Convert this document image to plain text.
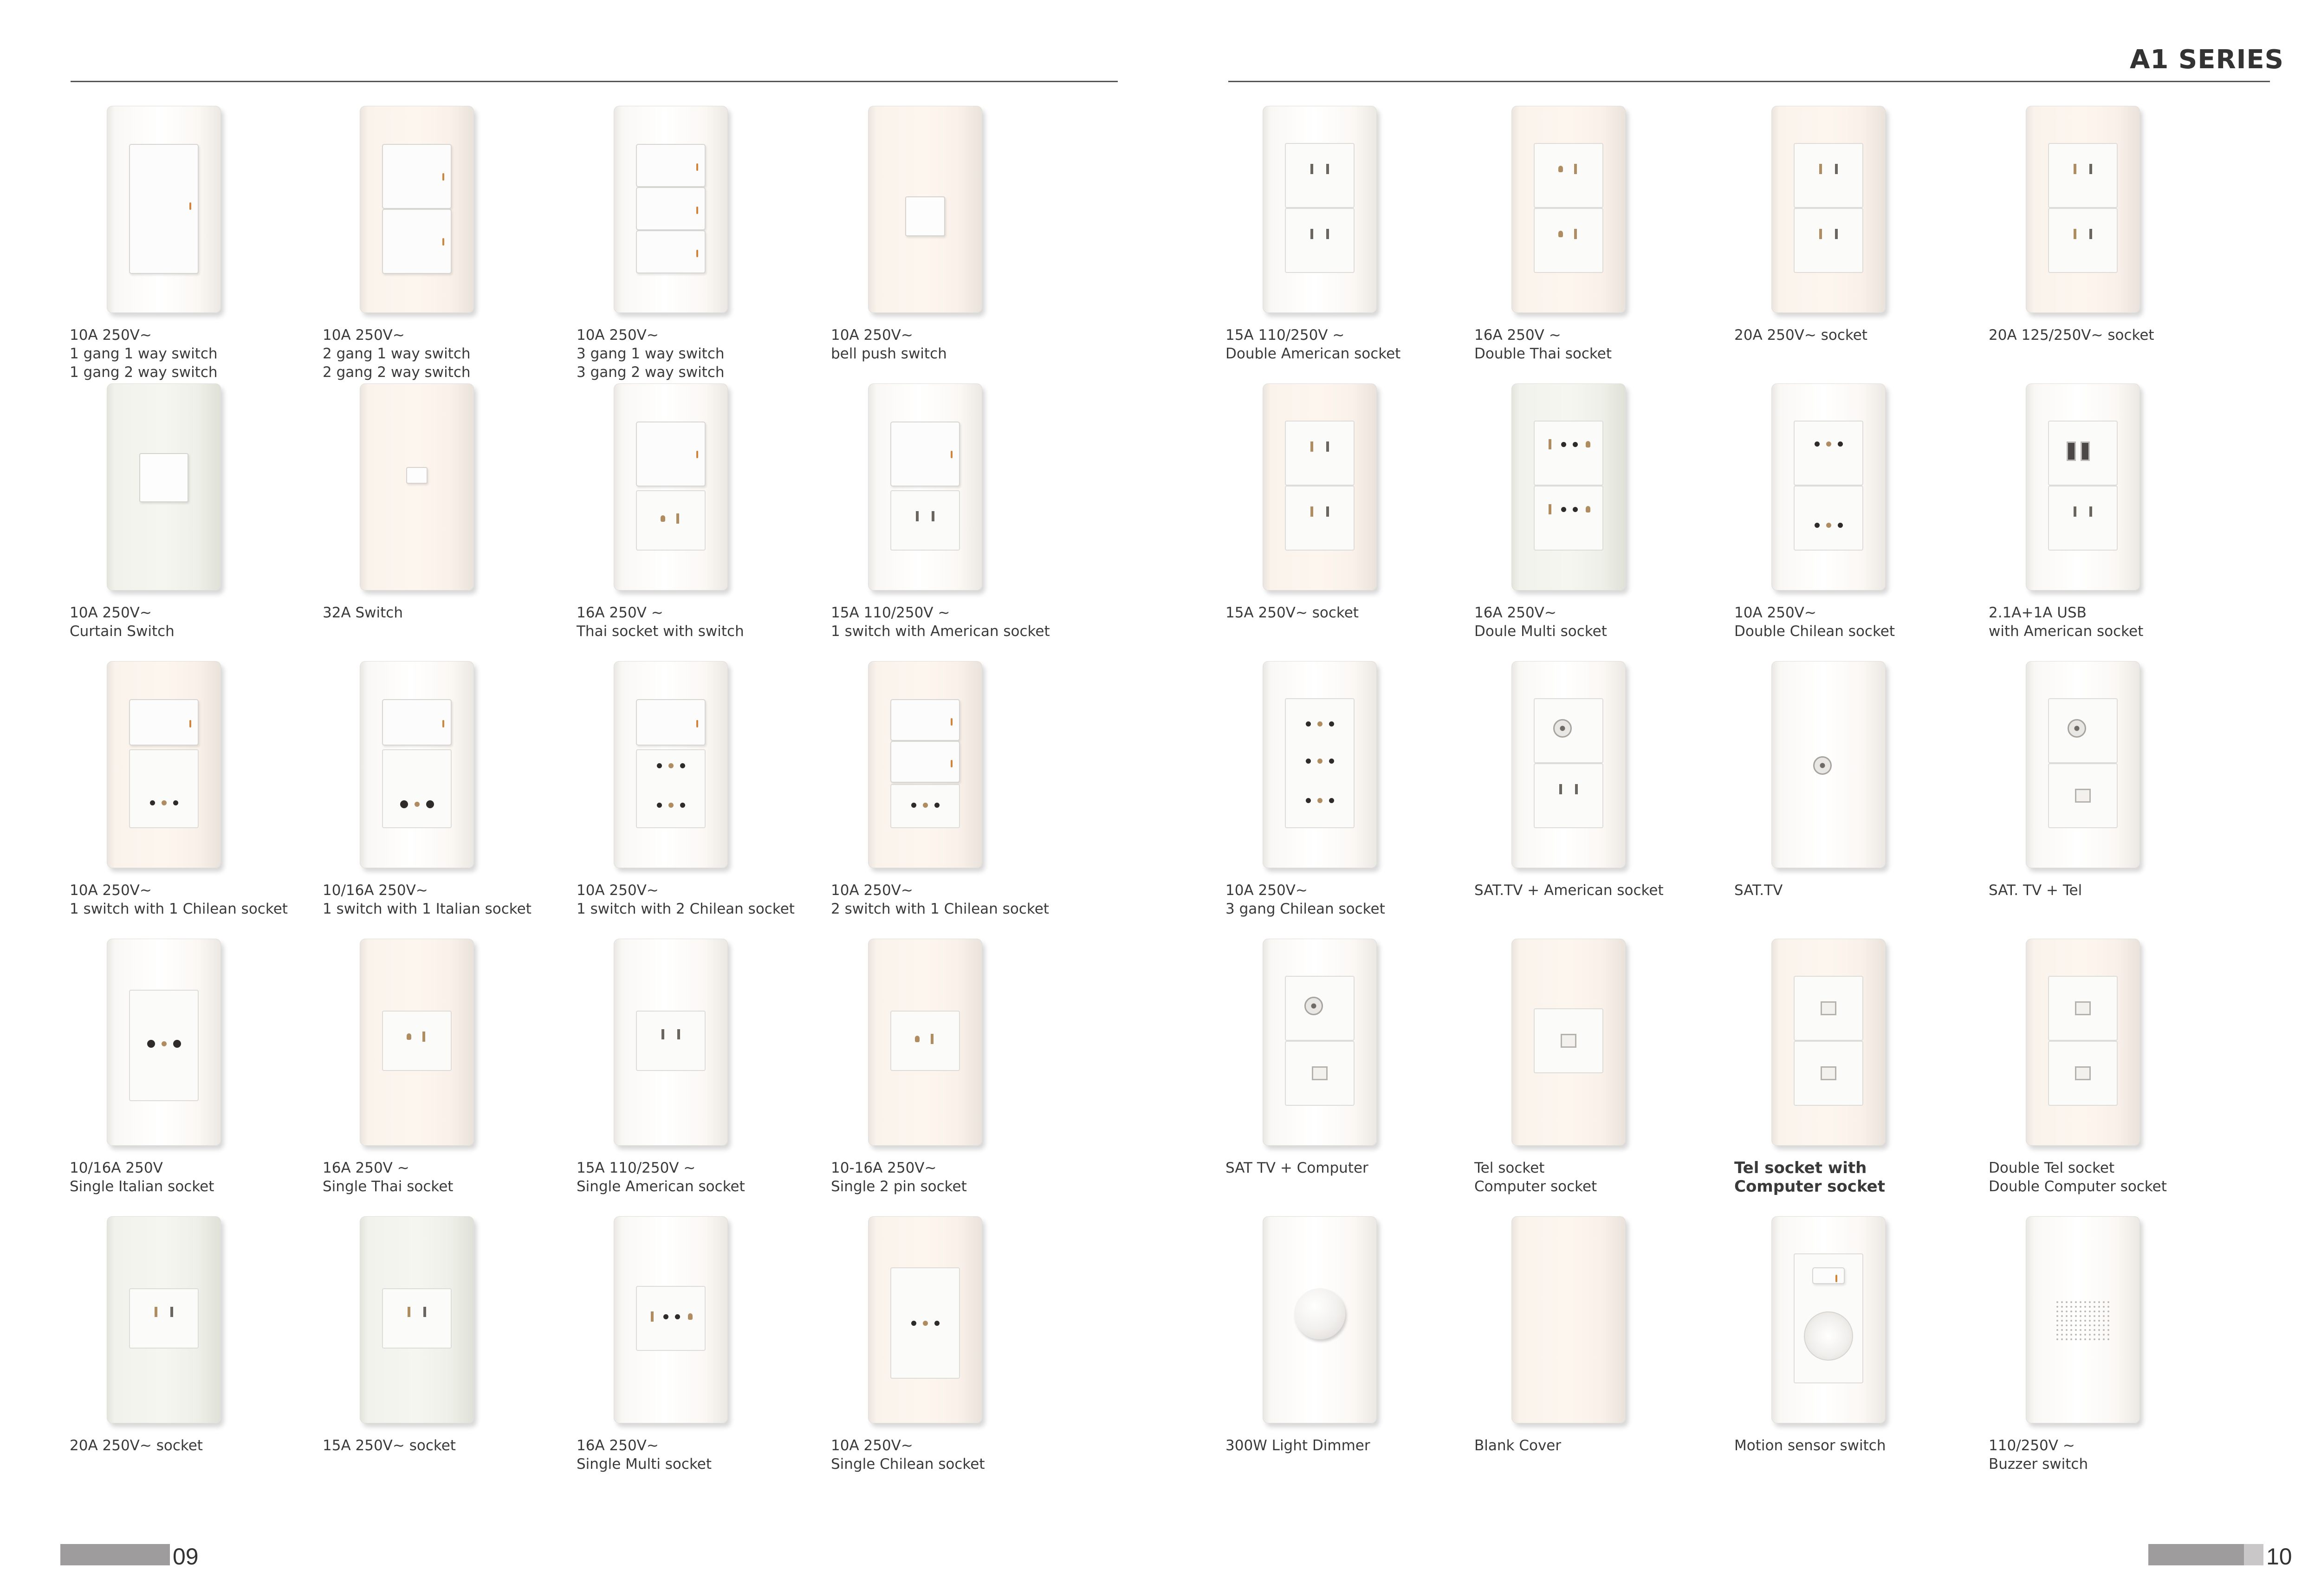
A1 SERIES
10A 250V~
1 gang 1 way switch
1 gang 2 way switch
10A 250V~
2 gang 1 way switch
2 gang 2 way switch
10A 250V~
3 gang 1 way switch
3 gang 2 way switch
10A 250V~
bell push switch
10A 250V~
Curtain Switch
32A Switch	16A 250V ~
Thai socket with switch
15A 110/250V ~
1 switch with American socket
10A 250V~
1 switch with 1 Chilean socket
10/16A 250V~
1 switch with 1 Italian socket
10A 250V~
1 switch with 2 Chilean socket
10A 250V~
2 switch with 1 Chilean socket
10/16A 250V
Single Italian socket
16A 250V ~
Single Thai socket
15A 110/250V ~
Single American socket
10-16A 250V~
Single 2 pin socket
20A 250V~ socket	15A 250V~ socket	16A 250V~
Single Multi socket
10A 250V~
Single Chilean socket
15A 110/250V ~
Double American socket
16A 250V ~
Double Thai socket
20A 250V~ socket	20A 125/250V~ socket
15A 250V~ socket	16A 250V~
Doule Multi socket
10A 250V~
Double Chilean socket
2.1A+1A USB
with American socket
10A 250V~
3 gang Chilean socket
SAT.TV + American socket	SAT.TV	SAT. TV + Tel
SAT TV + Computer	Tel socket
Computer socket
Tel socket with
Computer socket
Double Tel socket
Double Computer socket
300W Light Dimmer	Blank Cover	Motion sensor switch	110/250V ~
Buzzer switch
09	10
